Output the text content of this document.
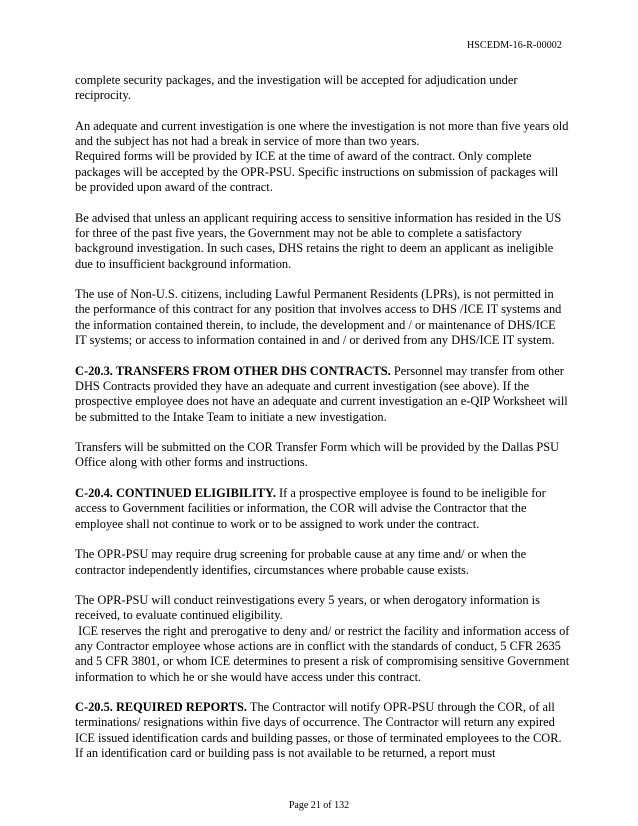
HSCEDM-16-R-00002

complete security packages, and the investigation will be accepted for adjudication under reciprocity.

An adequate and current investigation is one where the investigation is not more than five years old and the subject has not had a break in service of more than two years.

Required forms will be provided by ICE at the time of award of the contract. Only complete packages will be accepted by the OPR-PSU. Specific instructions on submission of packages will be provided upon award of the contract.

Be advised that unless an applicant requiring access to sensitive information has resided in the US for three of the past five years, the Government may not be able to complete a satisfactory background investigation. In such cases, DHS retains the right to deem an applicant as ineligible due to insufficient background information.

The use of Non-U.S. citizens, including Lawful Permanent Residents (LPRs), is not permitted in the performance of this contract for any position that involves access to DHS /ICE IT systems and the information contained therein, to include, the development and / or maintenance of DHS/ICE IT systems; or access to information contained in and / or derived from any DHS/ICE IT system.

C-20.3. TRANSFERS FROM OTHER DHS CONTRACTS. Personnel may transfer from other DHS Contracts provided they have an adequate and current investigation (see above). If the prospective employee does not have an adequate and current investigation an e-QIP Worksheet will be submitted to the Intake Team to initiate a new investigation.

Transfers will be submitted on the COR Transfer Form which will be provided by the Dallas PSU Office along with other forms and instructions.

C-20.4. CONTINUED ELIGIBILITY. If a prospective employee is found to be ineligible for access to Government facilities or information, the COR will advise the Contractor that the employee shall not continue to work or to be assigned to work under the contract.

The OPR-PSU may require drug screening for probable cause at any time and/ or when the contractor independently identifies, circumstances where probable cause exists.

The OPR-PSU will conduct reinvestigations every 5 years, or when derogatory information is received, to evaluate continued eligibility.

ICE reserves the right and prerogative to deny and/ or restrict the facility and information access of any Contractor employee whose actions are in conflict with the standards of conduct, 5 CFR 2635 and 5 CFR 3801, or whom ICE determines to present a risk of compromising sensitive Government information to which he or she would have access under this contract.

C-20.5. REQUIRED REPORTS. The Contractor will notify OPR-PSU through the COR, of all terminations/ resignations within five days of occurrence. The Contractor will return any expired ICE issued identification cards and building passes, or those of terminated employees to the COR. If an identification card or building pass is not available to be returned, a report must

Page 21 of 132
